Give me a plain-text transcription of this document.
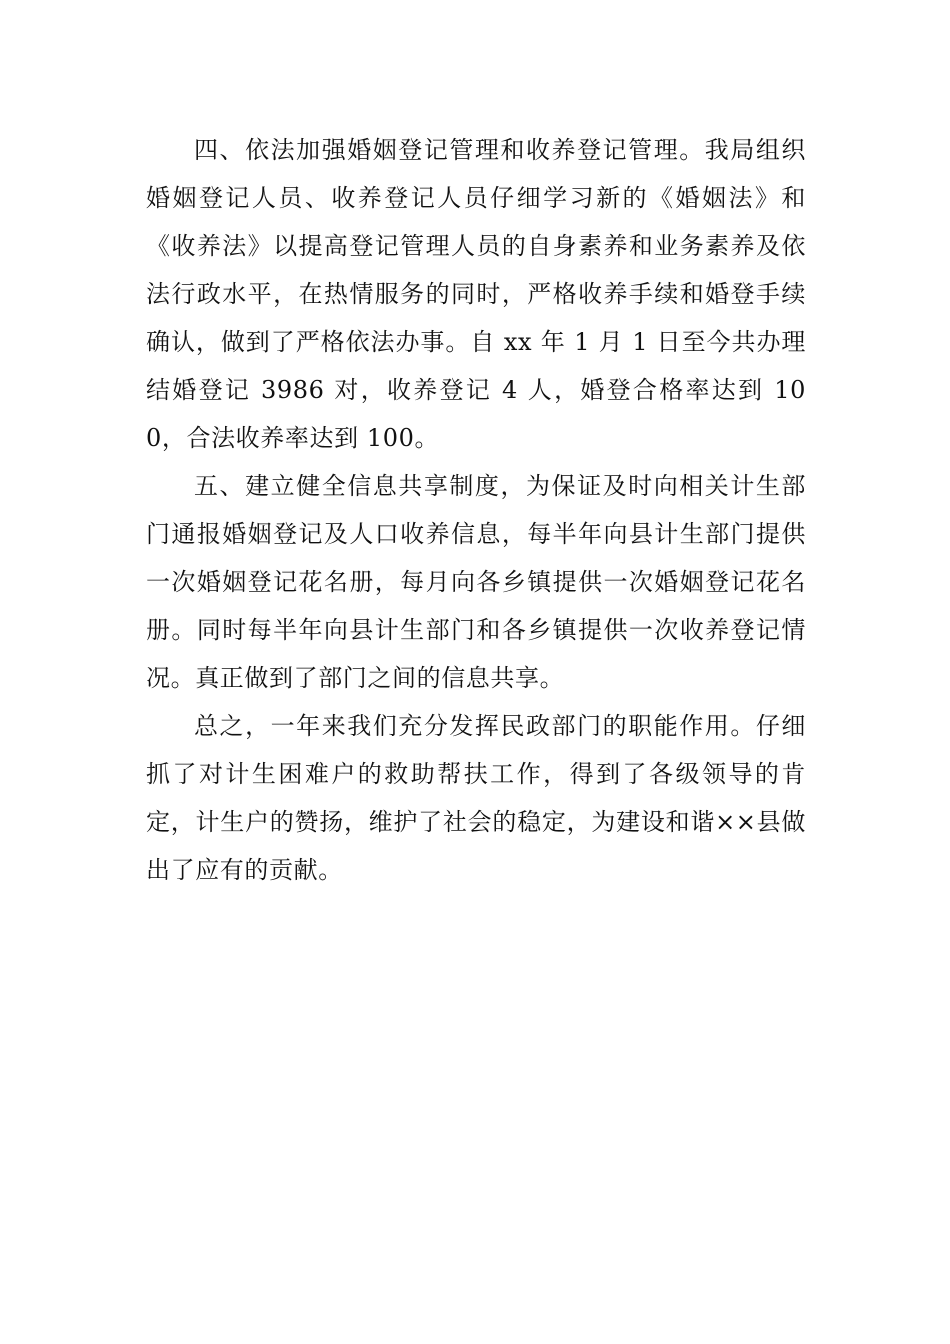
四、依法加强婚姻登记管理和收养登记管理。我局组织婚姻登记人员、收养登记人员仔细学习新的《婚姻法》和《收养法》以提高登记管理人员的自身素养和业务素养及依法行政水平，在热情服务的同时，严格收养手续和婚登手续确认，做到了严格依法办事。自 xx 年 1 月 1 日至今共办理结婚登记 3986 对，收养登记 4 人，婚登合格率达到 100，合法收养率达到 100。

五、建立健全信息共享制度，为保证及时向相关计生部门通报婚姻登记及人口收养信息，每半年向县计生部门提供一次婚姻登记花名册，每月向各乡镇提供一次婚姻登记花名册。同时每半年向县计生部门和各乡镇提供一次收养登记情况。真正做到了部门之间的信息共享。

总之，一年来我们充分发挥民政部门的职能作用。仔细抓了对计生困难户的救助帮扶工作，得到了各级领导的肯定，计生户的赞扬，维护了社会的稳定，为建设和谐××县做出了应有的贡献。
